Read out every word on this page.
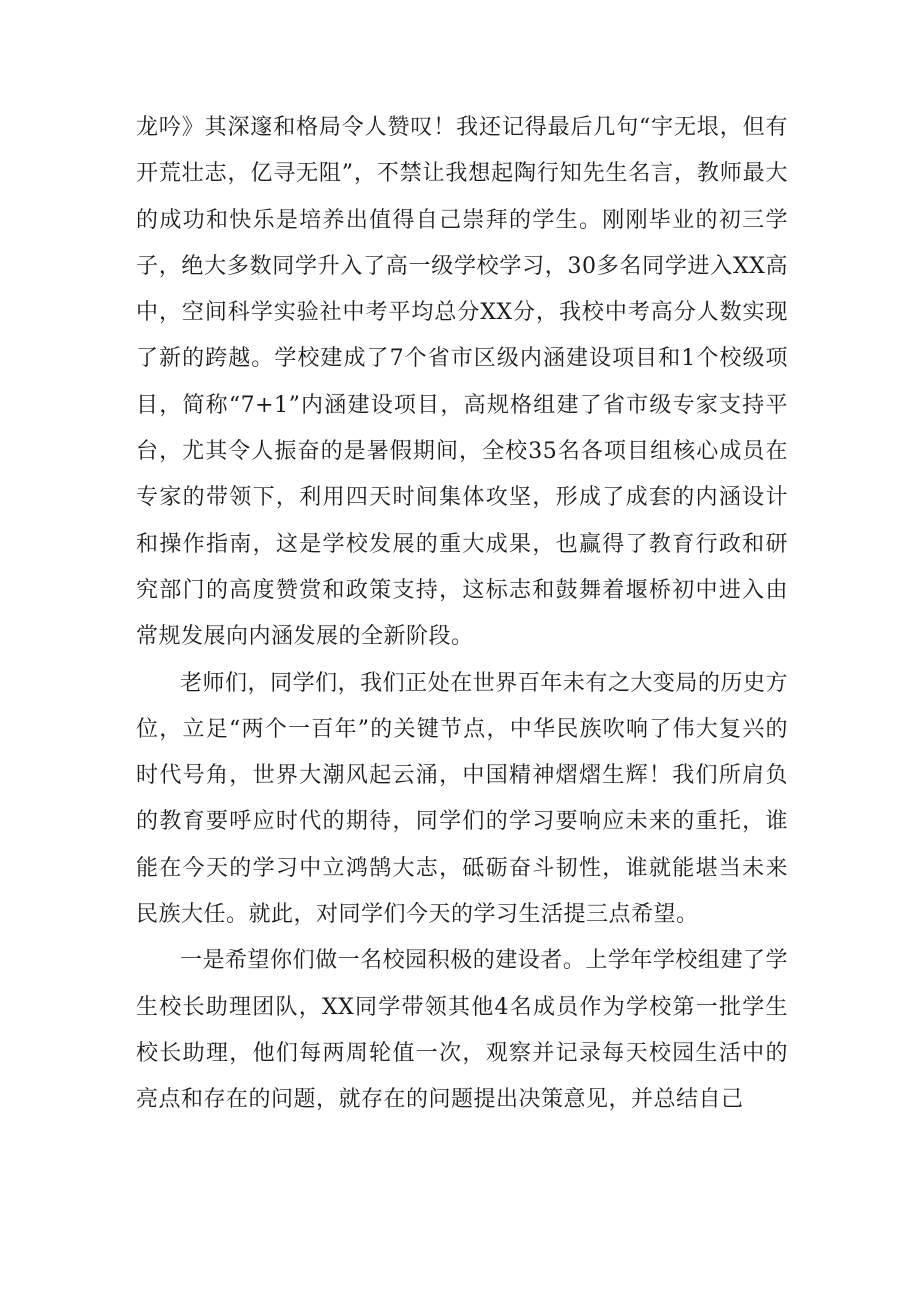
龙吟》其深邃和格局令人赞叹！我还记得最后几句“宇无垠，但有开荒壮志，亿寻无阻”，不禁让我想起陶行知先生名言，教师最大的成功和快乐是培养出值得自己崇拜的学生。刚刚毕业的初三学子，绝大多数同学升入了高一级学校学习，30多名同学进入XX高中，空间科学实验社中考平均总分XX分，我校中考高分人数实现了新的跨越。学校建成了7个省市区级内涵建设项目和1个校级项目，简称“7+1”内涵建设项目，高规格组建了省市级专家支持平台，尤其令人振奋的是暑假期间，全校35名各项目组核心成员在专家的带领下，利用四天时间集体攻坚，形成了成套的内涵设计和操作指南，这是学校发展的重大成果，也赢得了教育行政和研究部门的高度赞赏和政策支持，这标志和鼓舞着堰桥初中进入由常规发展向内涵发展的全新阶段。

老师们，同学们，我们正处在世界百年未有之大变局的历史方位，立足“两个一百年”的关键节点，中华民族吹响了伟大复兴的时代号角，世界大潮风起云涌，中国精神熠熠生辉！我们所肩负的教育要呼应时代的期待，同学们的学习要响应未来的重托，谁能在今天的学习中立鸿鹄大志，砥砺奋斗韧性，谁就能堪当未来民族大任。就此，对同学们今天的学习生活提三点希望。

一是希望你们做一名校园积极的建设者。上学年学校组建了学生校长助理团队，XX同学带领其他4名成员作为学校第一批学生校长助理，他们每两周轮值一次，观察并记录每天校园生活中的亮点和存在的问题，就存在的问题提出决策意见，并总结自己
